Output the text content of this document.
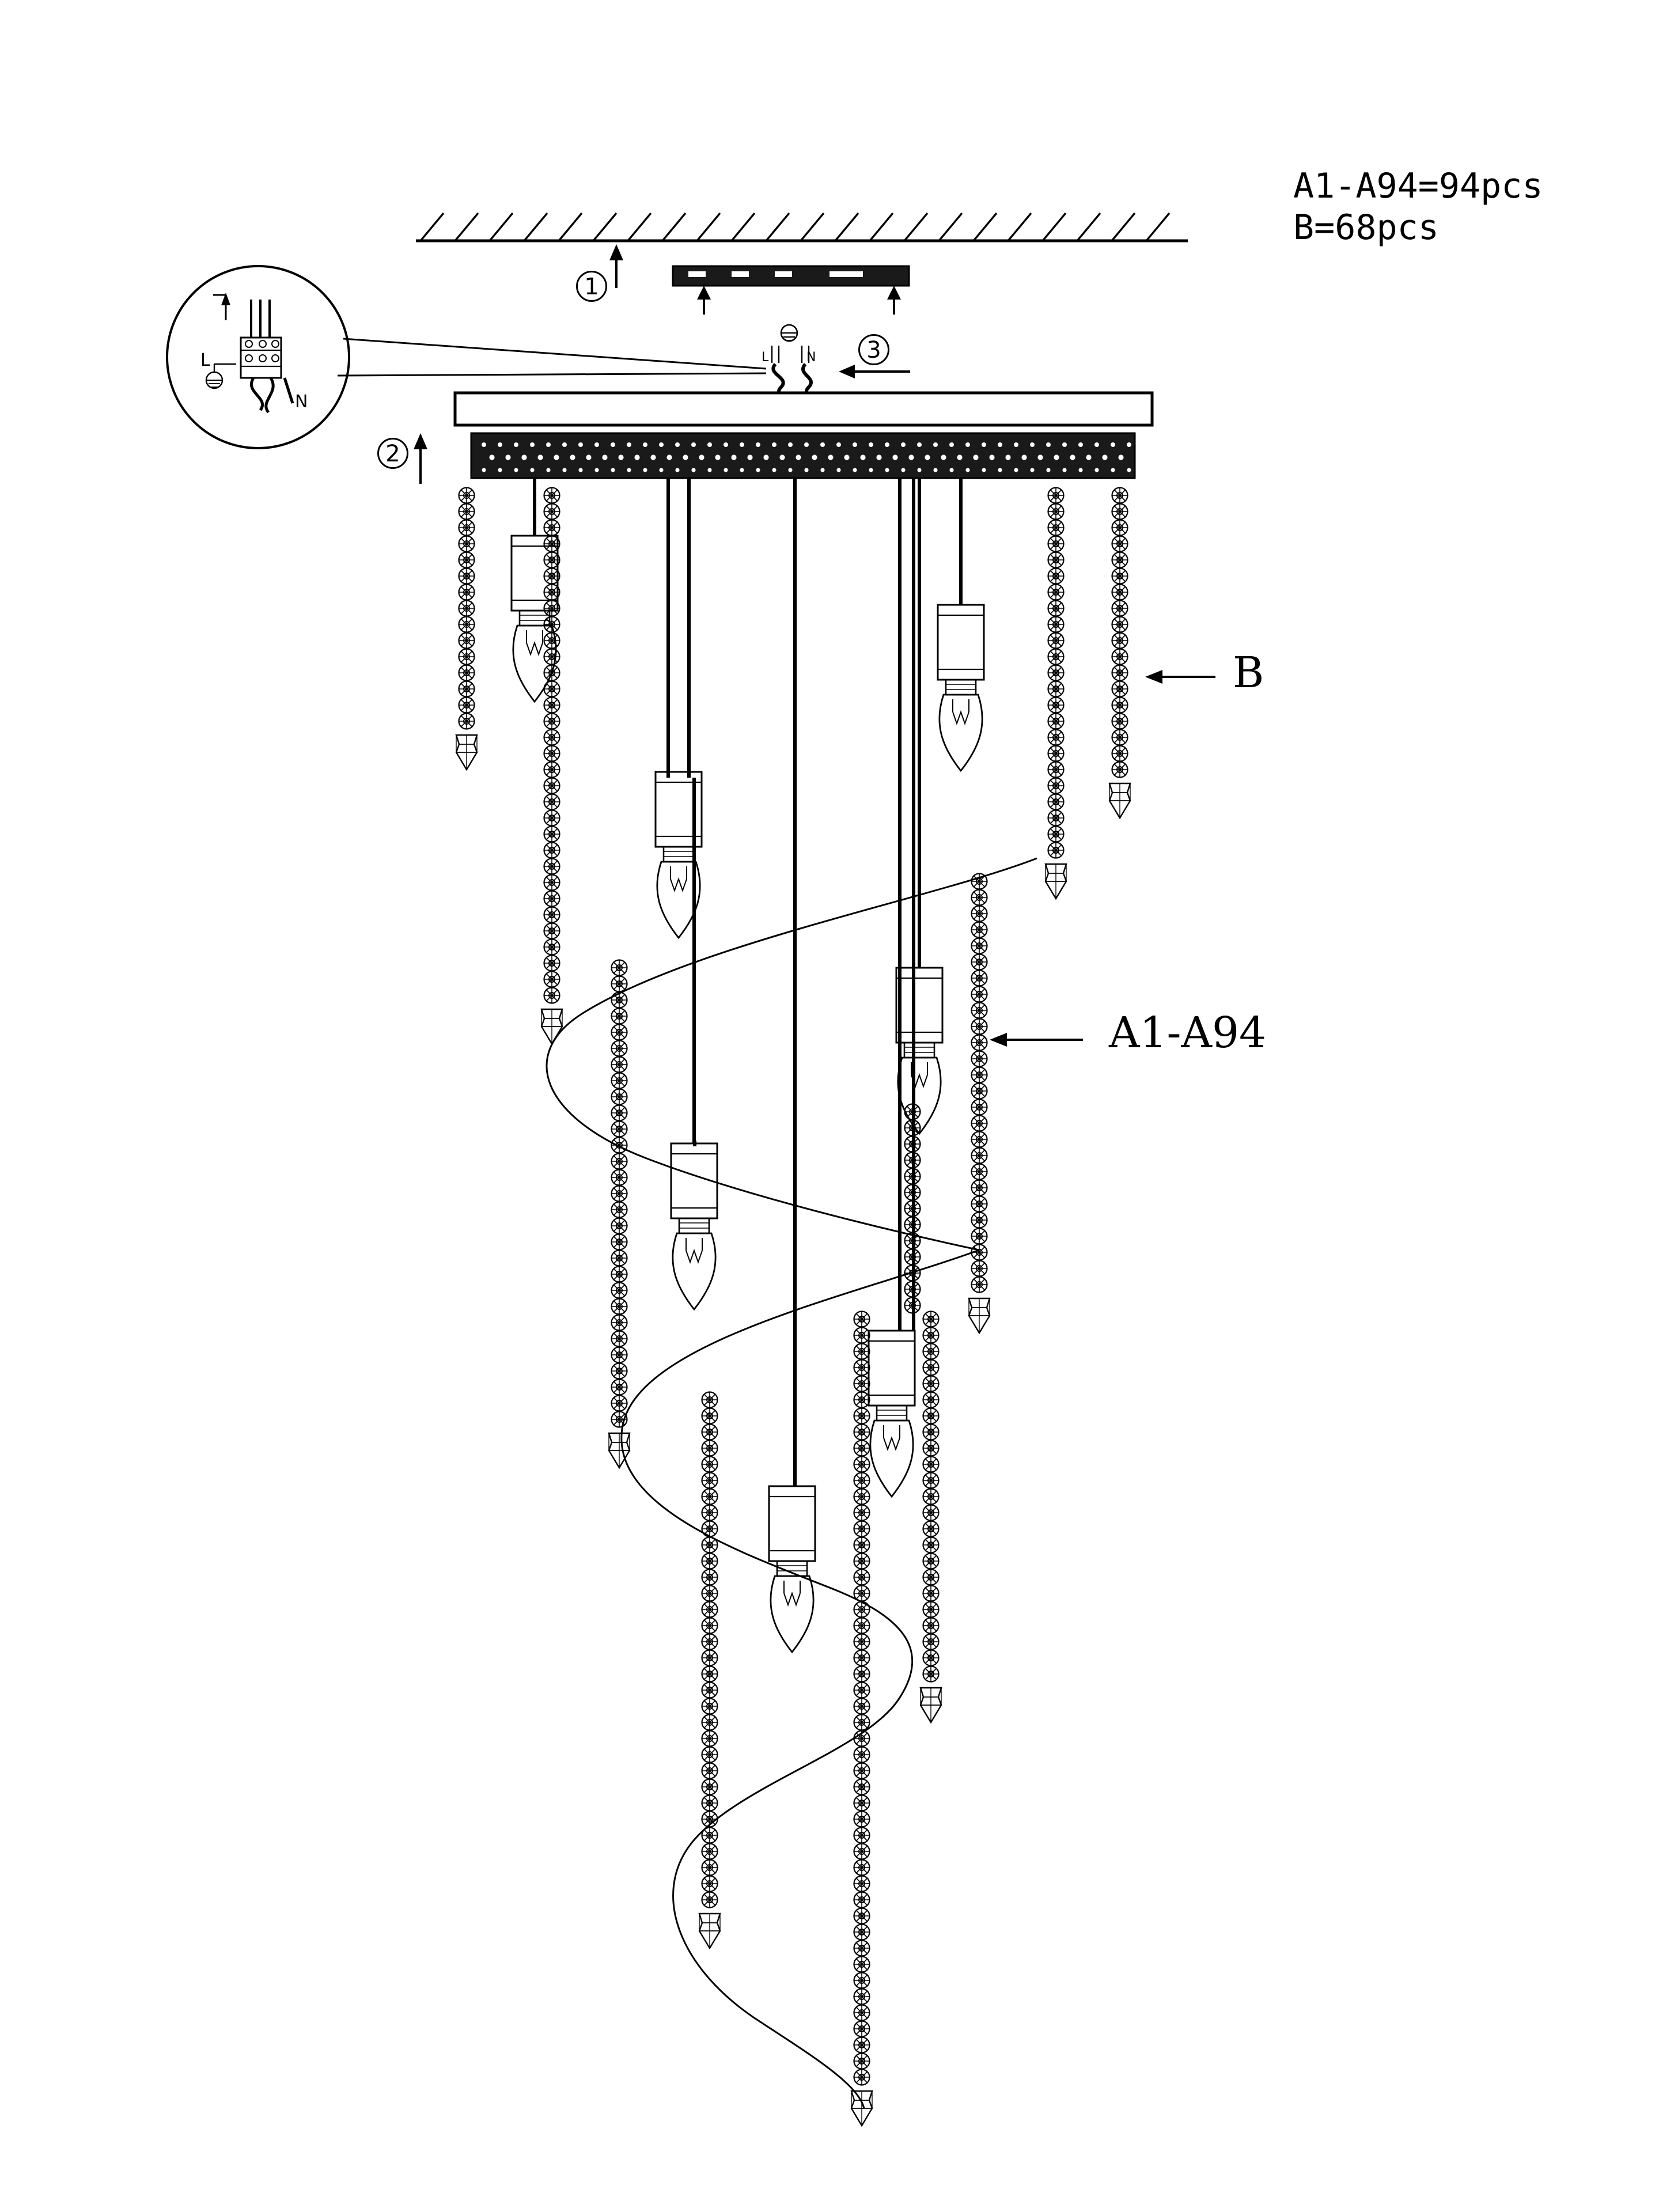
A1-A94=94pcs
B=68pcs
B
A1-A94
L	N
L
N
1
2
3
